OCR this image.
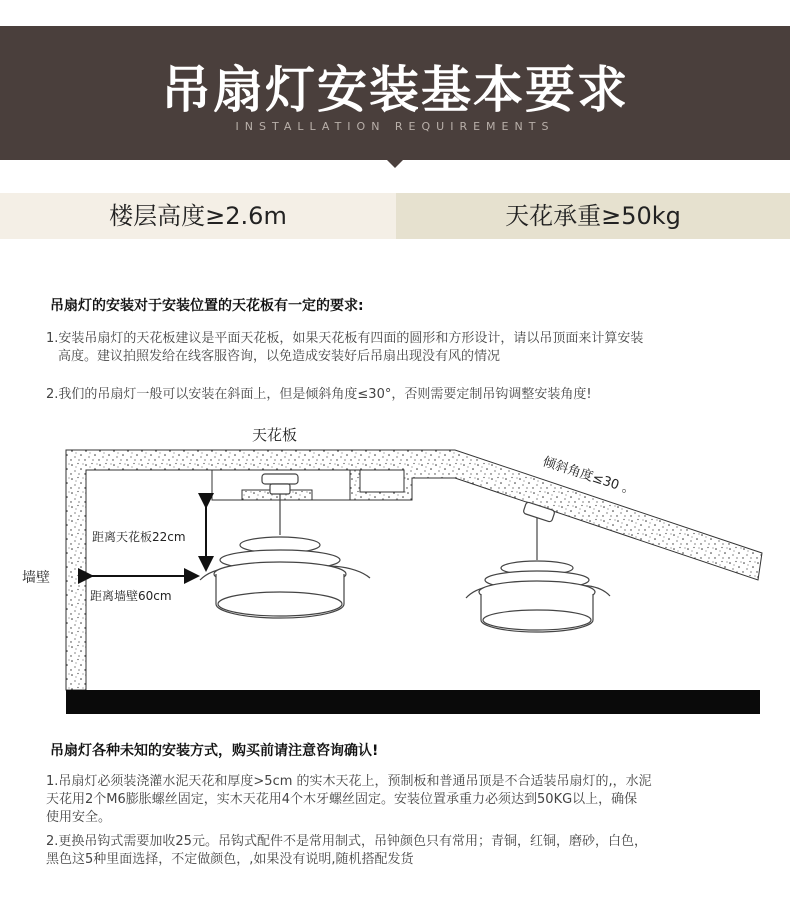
吊扇灯安装基本要求
INSTALLATION REQUIREMENTS
楼层高度≥2.6m	天花承重≥50kg
吊扇灯的安装对于安装位置的天花板有一定的要求:
1.安装吊扇灯的天花板建议是平面天花板，如果天花板有四面的圆形和方形设计，请以吊顶面来计算安装
高度。建议拍照发给在线客服咨询，以免造成安装好后吊扇出现没有风的情况
2.我们的吊扇灯一般可以安装在斜面上，但是倾斜角度≤30°，否则需要定制吊钩调整安装角度!
天花板
墙壁
倾斜角度≤30 。
距离天花板22cm
距离墙壁60cm
吊扇灯各种未知的安装方式，购买前请注意咨询确认!
1.吊扇灯必须装浇灌水泥天花和厚度>5cm 的实木天花上，预制板和普通吊顶是不合适装吊扇灯的,，水泥
天花用2个M6膨胀螺丝固定，实木天花用4个木牙螺丝固定。安装位置承重力必须达到50KG以上，确保
使用安全。
2.更换吊钩式需要加收25元。吊钩式配件不是常用制式，吊钟颜色只有常用；青铜，红铜，磨砂，白色，
黑色这5种里面选择，不定做颜色，,如果没有说明,随机搭配发货
